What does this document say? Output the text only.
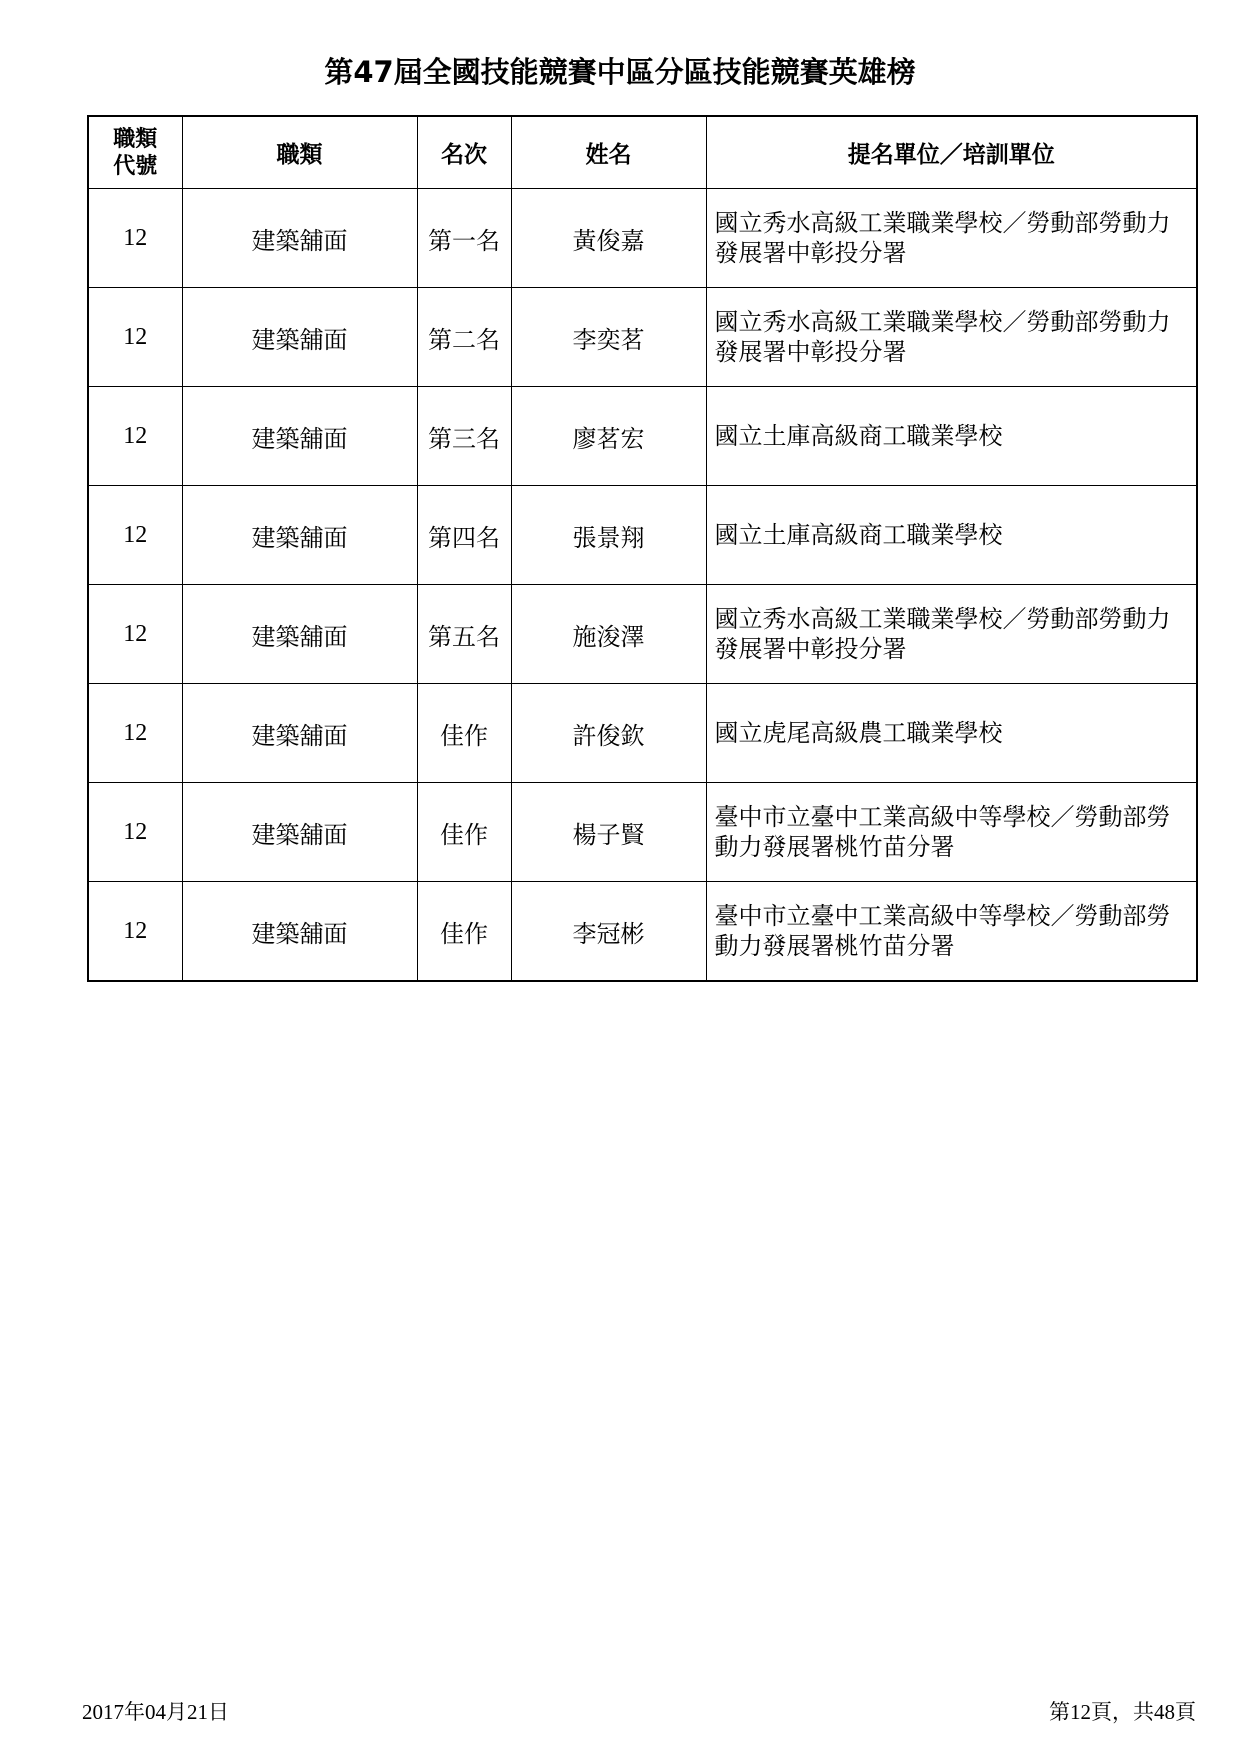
第47屆全國技能競賽中區分區技能競賽英雄榜
職類
代號	職類	名次	姓名	提名單位／培訓單位
12	建築舖面	第一名	黃俊嘉	國立秀水高級工業職業學校／勞動部勞動力發展署中彰投分署
12	建築舖面	第二名	李奕茗	國立秀水高級工業職業學校／勞動部勞動力發展署中彰投分署
12	建築舖面	第三名	廖茗宏	國立土庫高級商工職業學校
12	建築舖面	第四名	張景翔	國立土庫高級商工職業學校
12	建築舖面	第五名	施浚澤	國立秀水高級工業職業學校／勞動部勞動力發展署中彰投分署
12	建築舖面	佳作	許俊欽	國立虎尾高級農工職業學校
12	建築舖面	佳作	楊子賢	臺中市立臺中工業高級中等學校／勞動部勞動力發展署桃竹苗分署
12	建築舖面	佳作	李冠彬	臺中市立臺中工業高級中等學校／勞動部勞動力發展署桃竹苗分署
2017年04月21日	第12頁，共48頁
